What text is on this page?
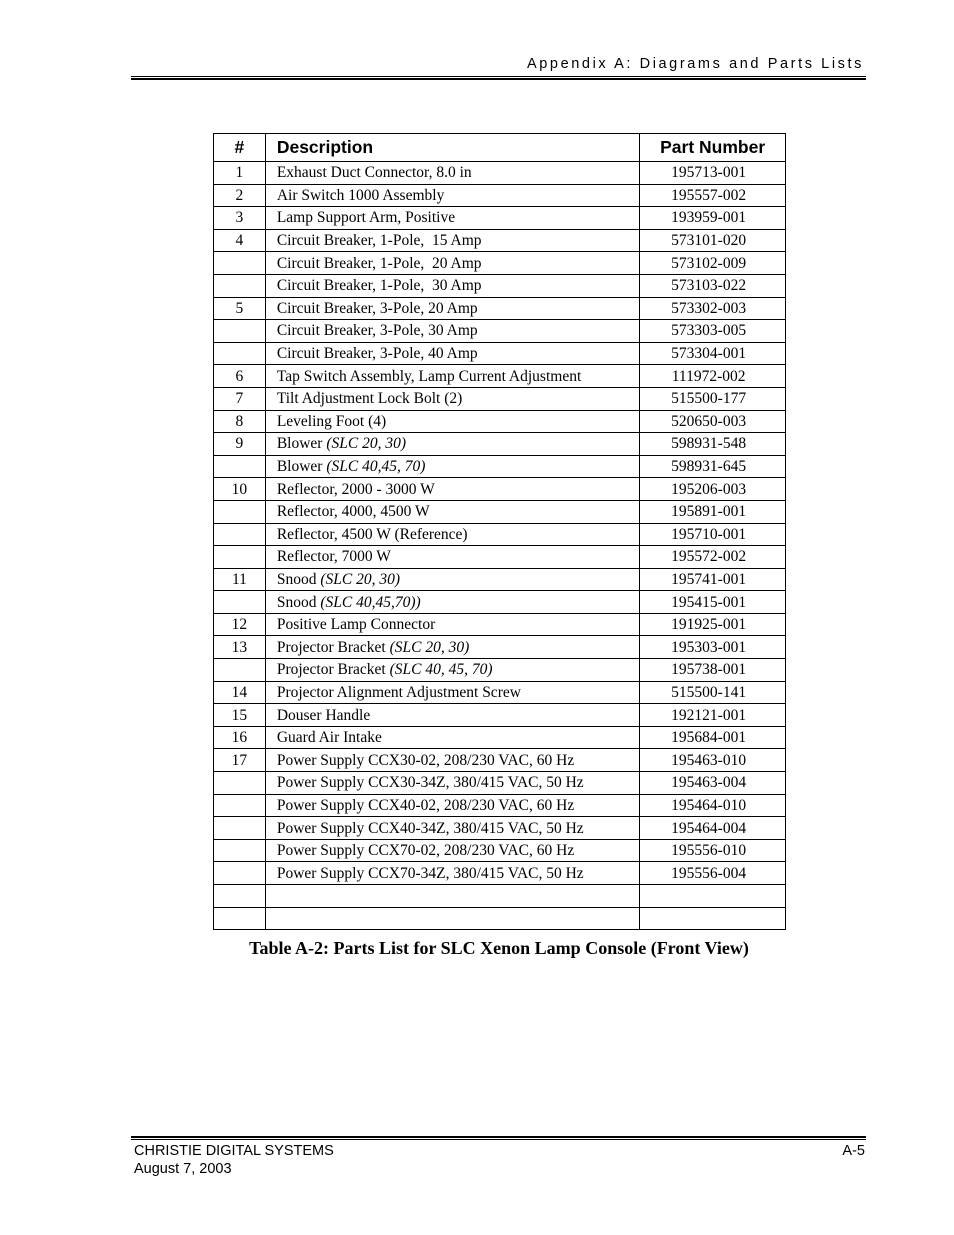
Appendix A: Diagrams and Parts Lists
#	Description	Part Number
1	Exhaust Duct Connector, 8.0 in	195713-001
2	Air Switch 1000 Assembly	195557-002
3	Lamp Support Arm, Positive	193959-001
4	Circuit Breaker, 1-Pole,  15 Amp	573101-020
	Circuit Breaker, 1-Pole,  20 Amp	573102-009
	Circuit Breaker, 1-Pole,  30 Amp	573103-022
5	Circuit Breaker, 3-Pole, 20 Amp	573302-003
	Circuit Breaker, 3-Pole, 30 Amp	573303-005
	Circuit Breaker, 3-Pole, 40 Amp	573304-001
6	Tap Switch Assembly, Lamp Current Adjustment	111972-002
7	Tilt Adjustment Lock Bolt (2)	515500-177
8	Leveling Foot (4)	520650-003
9	Blower (SLC 20, 30)	598931-548
	Blower (SLC 40,45, 70)	598931-645
10	Reflector, 2000 - 3000 W	195206-003
	Reflector, 4000, 4500 W	195891-001
	Reflector, 4500 W (Reference)	195710-001
	Reflector, 7000 W	195572-002
11	Snood (SLC 20, 30)	195741-001
	Snood (SLC 40,45,70))	195415-001
12	Positive Lamp Connector	191925-001
13	Projector Bracket (SLC 20, 30)	195303-001
	Projector Bracket (SLC 40, 45, 70)	195738-001
14	Projector Alignment Adjustment Screw	515500-141
15	Douser Handle	192121-001
16	Guard Air Intake	195684-001
17	Power Supply CCX30-02, 208/230 VAC, 60 Hz	195463-010
	Power Supply CCX30-34Z, 380/415 VAC, 50 Hz	195463-004
	Power Supply CCX40-02, 208/230 VAC, 60 Hz	195464-010
	Power Supply CCX40-34Z, 380/415 VAC, 50 Hz	195464-004
	Power Supply CCX70-02, 208/230 VAC, 60 Hz	195556-010
	Power Supply CCX70-34Z, 380/415 VAC, 50 Hz	195556-004

Table A-2: Parts List for SLC Xenon Lamp Console (Front View)
CHRISTIE DIGITAL SYSTEMS
August 7, 2003
A-5
